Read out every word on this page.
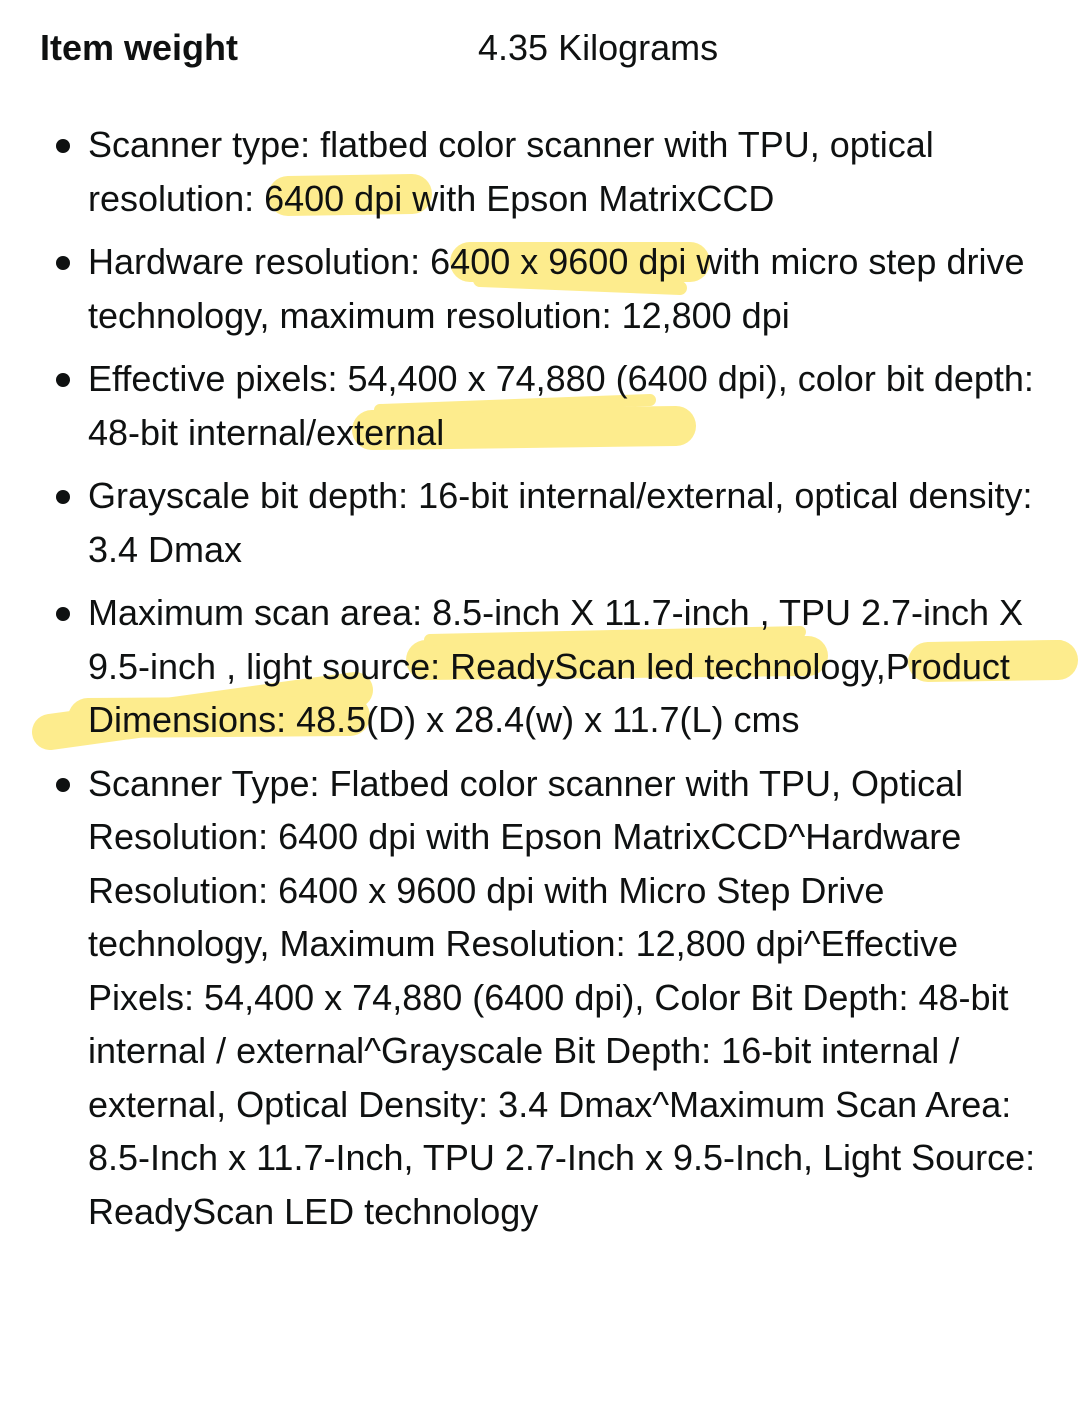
Item weight	4.35 Kilograms
Scanner type: flatbed color scanner with TPU, optical resolution: 6400 dpi with Epson MatrixCCD
Hardware resolution: 6400 x 9600 dpi with micro step drive technology, maximum resolution: 12,800 dpi
Effective pixels: 54,400 x 74,880 (6400 dpi), color bit depth: 48-bit internal/external
Grayscale bit depth: 16-bit internal/external, optical density: 3.4 Dmax
Maximum scan area: 8.5-inch X 11.7-inch , TPU 2.7-inch X 9.5-inch , light source: ReadyScan led technology,Product Dimensions: 48.5(D) x 28.4(w) x 11.7(L) cms
Scanner Type: Flatbed color scanner with TPU, Optical Resolution: 6400 dpi with Epson MatrixCCD^Hardware Resolution: 6400 x 9600 dpi with Micro Step Drive technology, Maximum Resolution: 12,800 dpi^Effective Pixels: 54,400 x 74,880 (6400 dpi), Color Bit Depth: 48-bit internal / external^Grayscale Bit Depth: 16-bit internal / external, Optical Density: 3.4 Dmax^Maximum Scan Area: 8.5-Inch x 11.7-Inch, TPU 2.7-Inch x 9.5-Inch, Light Source: ReadyScan LED technology
